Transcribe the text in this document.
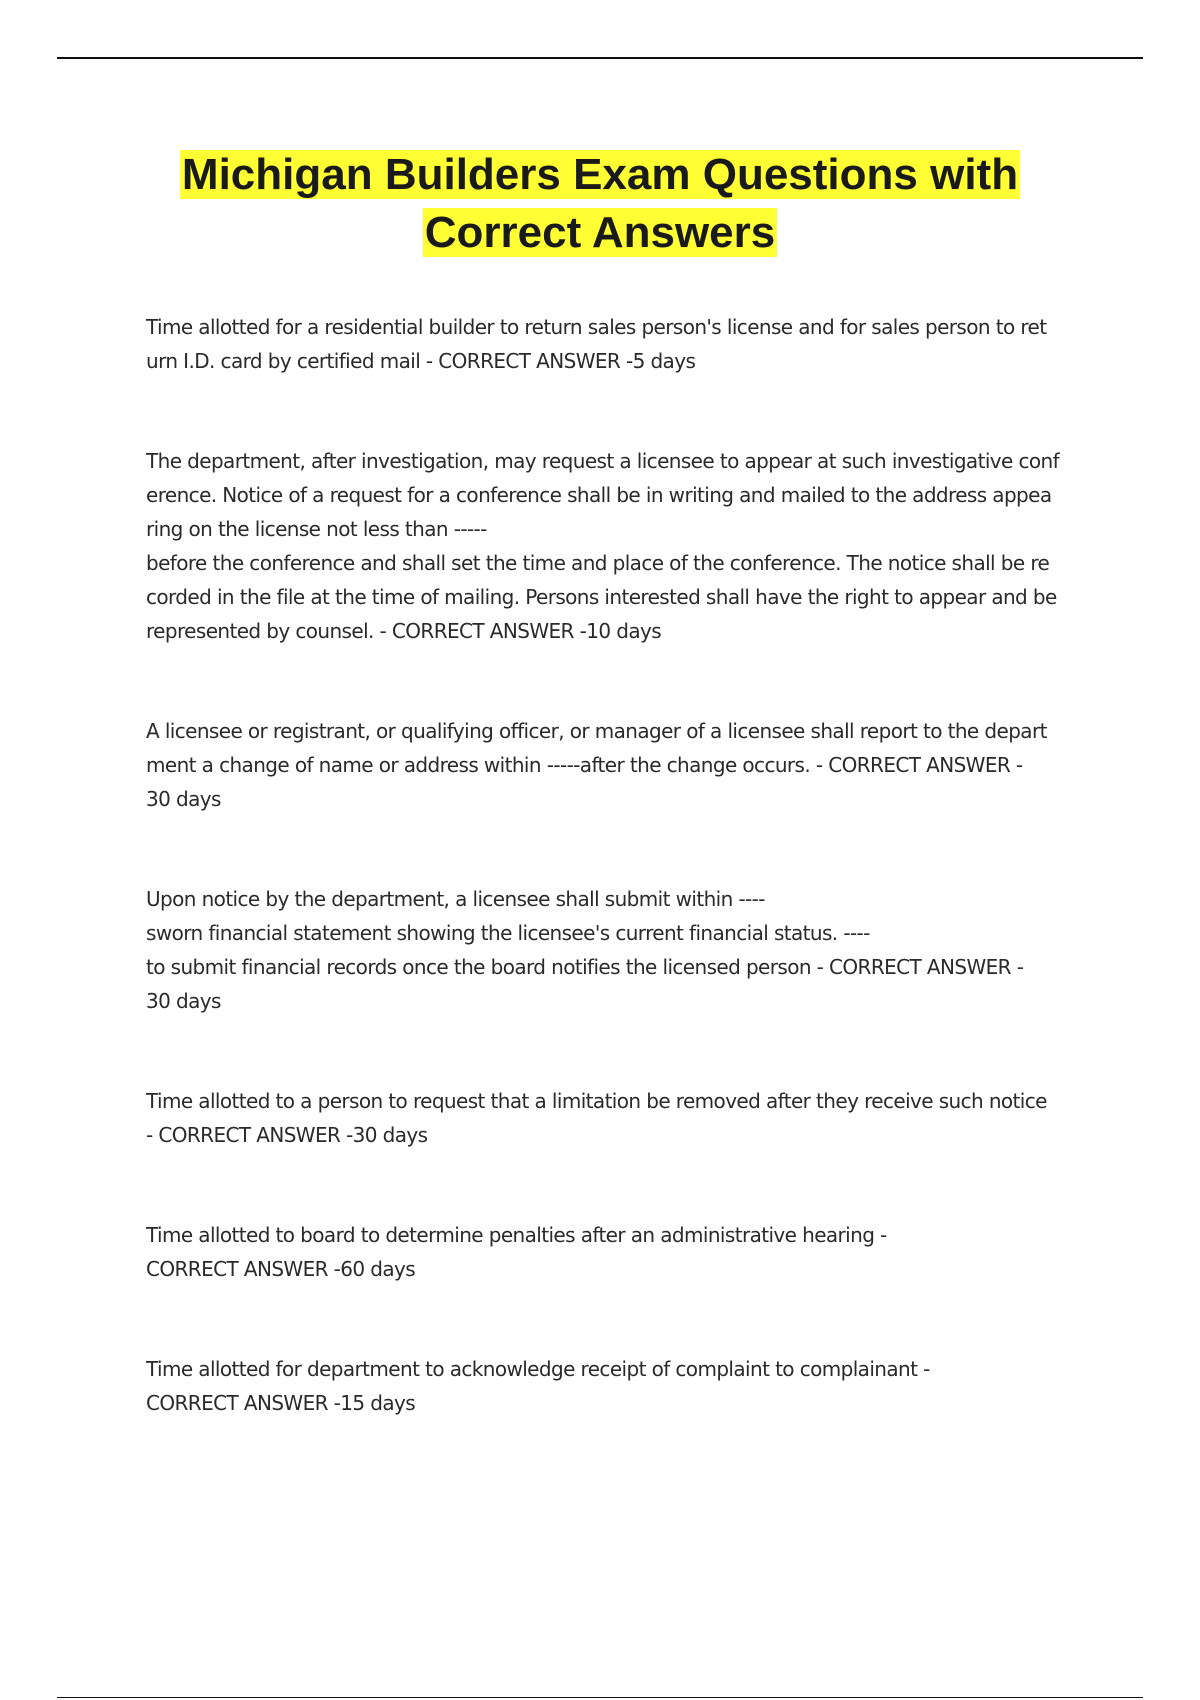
Michigan Builders Exam Questions with
Correct Answers

Time allotted for a residential builder to return sales person's license and for sales person to ret
urn I.D. card by certified mail - CORRECT ANSWER -5 days

The department, after investigation, may request a licensee to appear at such investigative conf
erence. Notice of a request for a conference shall be in writing and mailed to the address appea
ring on the license not less than -----
before the conference and shall set the time and place of the conference. The notice shall be re
corded in the file at the time of mailing. Persons interested shall have the right to appear and be
represented by counsel. - CORRECT ANSWER -10 days

A licensee or registrant, or qualifying officer, or manager of a licensee shall report to the depart
ment a change of name or address within -----after the change occurs. - CORRECT ANSWER -
30 days

Upon notice by the department, a licensee shall submit within ----
sworn financial statement showing the licensee's current financial status. ----
to submit financial records once the board notifies the licensed person - CORRECT ANSWER -
30 days

Time allotted to a person to request that a limitation be removed after they receive such notice
- CORRECT ANSWER -30 days

Time allotted to board to determine penalties after an administrative hearing -
CORRECT ANSWER -60 days

Time allotted for department to acknowledge receipt of complaint to complainant -
CORRECT ANSWER -15 days
